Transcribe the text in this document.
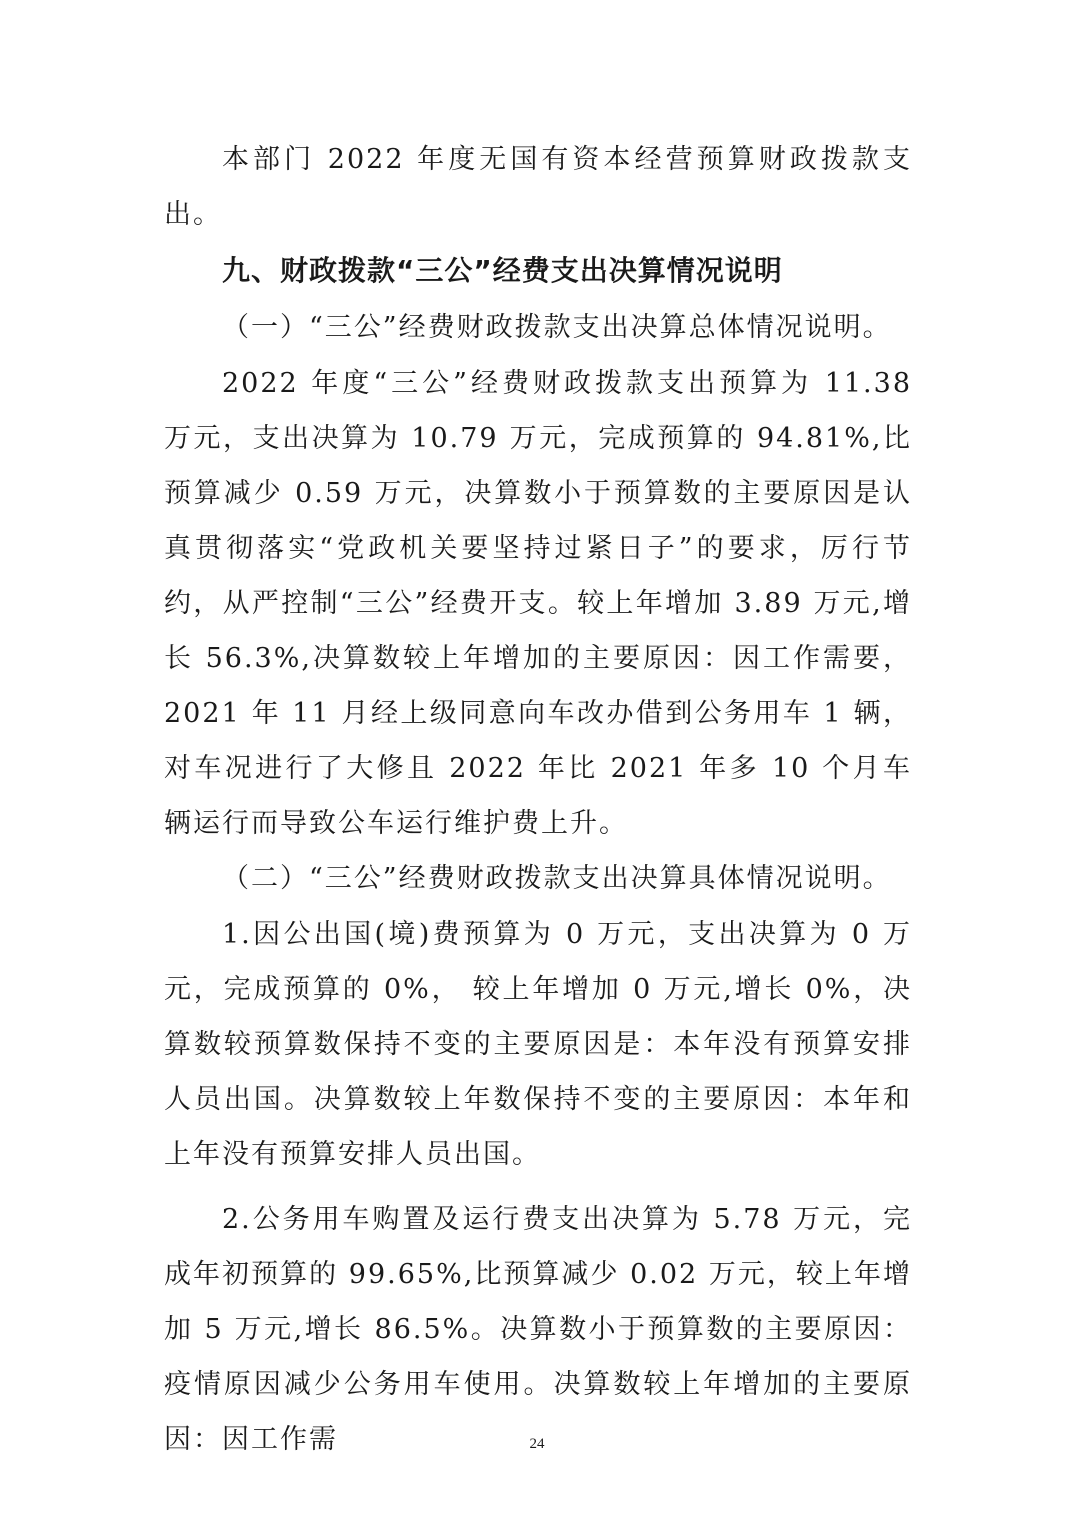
本部门 2022 年度无国有资本经营预算财政拨款支出。

九、财政拨款“三公”经费支出决算情况说明

（一）“三公”经费财政拨款支出决算总体情况说明。

2022 年度“三公”经费财政拨款支出预算为 11.38 万元，支出决算为 10.79 万元，完成预算的 94.81%,比预算减少 0.59 万元，决算数小于预算数的主要原因是认真贯彻落实“党政机关要坚持过紧日子”的要求，厉行节约，从严控制“三公”经费开支。较上年增加 3.89 万元,增长 56.3%,决算数较上年增加的主要原因：因工作需要，2021 年 11 月经上级同意向车改办借到公务用车 1 辆，对车况进行了大修且 2022 年比 2021 年多 10 个月车辆运行而导致公车运行维护费上升。

（二）“三公”经费财政拨款支出决算具体情况说明。

1.因公出国(境)费预算为 0 万元，支出决算为 0 万元，完成预算的 0%， 较上年增加 0 万元,增长 0%，决算数较预算数保持不变的主要原因是：本年没有预算安排人员出国。决算数较上年数保持不变的主要原因：本年和上年没有预算安排人员出国。

2.公务用车购置及运行费支出决算为 5.78 万元，完成年初预算的 99.65%,比预算减少 0.02 万元，较上年增加 5 万元,增长 86.5%。决算数小于预算数的主要原因：疫情原因减少公务用车使用。决算数较上年增加的主要原因：因工作需	24
